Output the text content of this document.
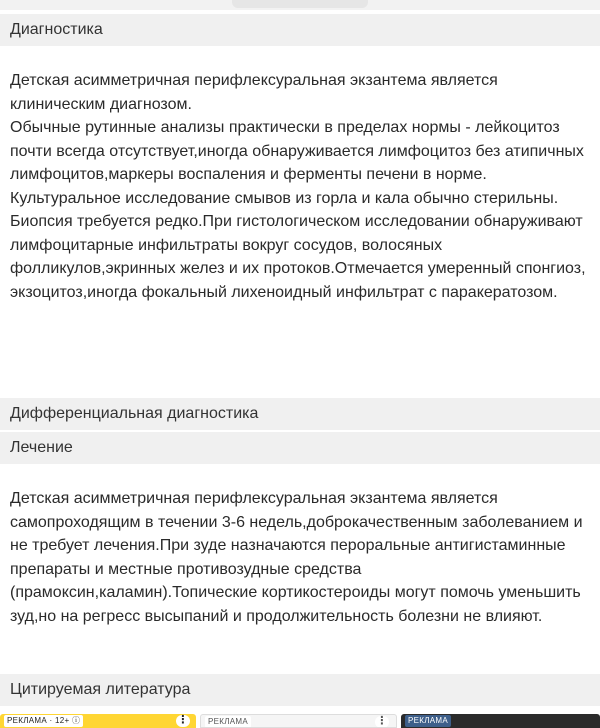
Диагностика

Детская асимметричная перифлексуральная экзантема является клиническим диагнозом.

Обычные рутинные анализы практически в пределах нормы - лейкоцитоз почти всегда отсутствует,иногда обнаруживается лимфоцитоз без атипичных лимфоцитов,маркеры воспаления и ферменты печени в норме.

Культуральное исследование смывов из горла и кала обычно стерильны.

Биопсия требуется редко.При гистологическом исследовании обнаруживают лимфоцитарные инфильтраты вокруг сосудов, волосяных фолликулов,экринных желез и их протоков.Отмечается умеренный спонгиоз, экзоцитоз,иногда фокальный лихеноидный инфильтрат с паракератозом.

Дифференциальная диагностика
Лечение

Детская асимметричная перифлексуральная экзантема является самопроходящим в течении 3-6 недель,доброкачественным заболеванием и не требует лечения.При зуде назначаются пероральные антигистаминные препараты и местные противозудные средства (прамоксин,каламин).Топические кортикостероиды могут помочь уменьшить зуд,но на регресс высыпаний и продолжительность болезни не влияют.

Цитируемая литература
РЕКЛАМА · 12+ ⓘ	⋮	РЕКЛАМА	⋮	РЕКЛАМА
